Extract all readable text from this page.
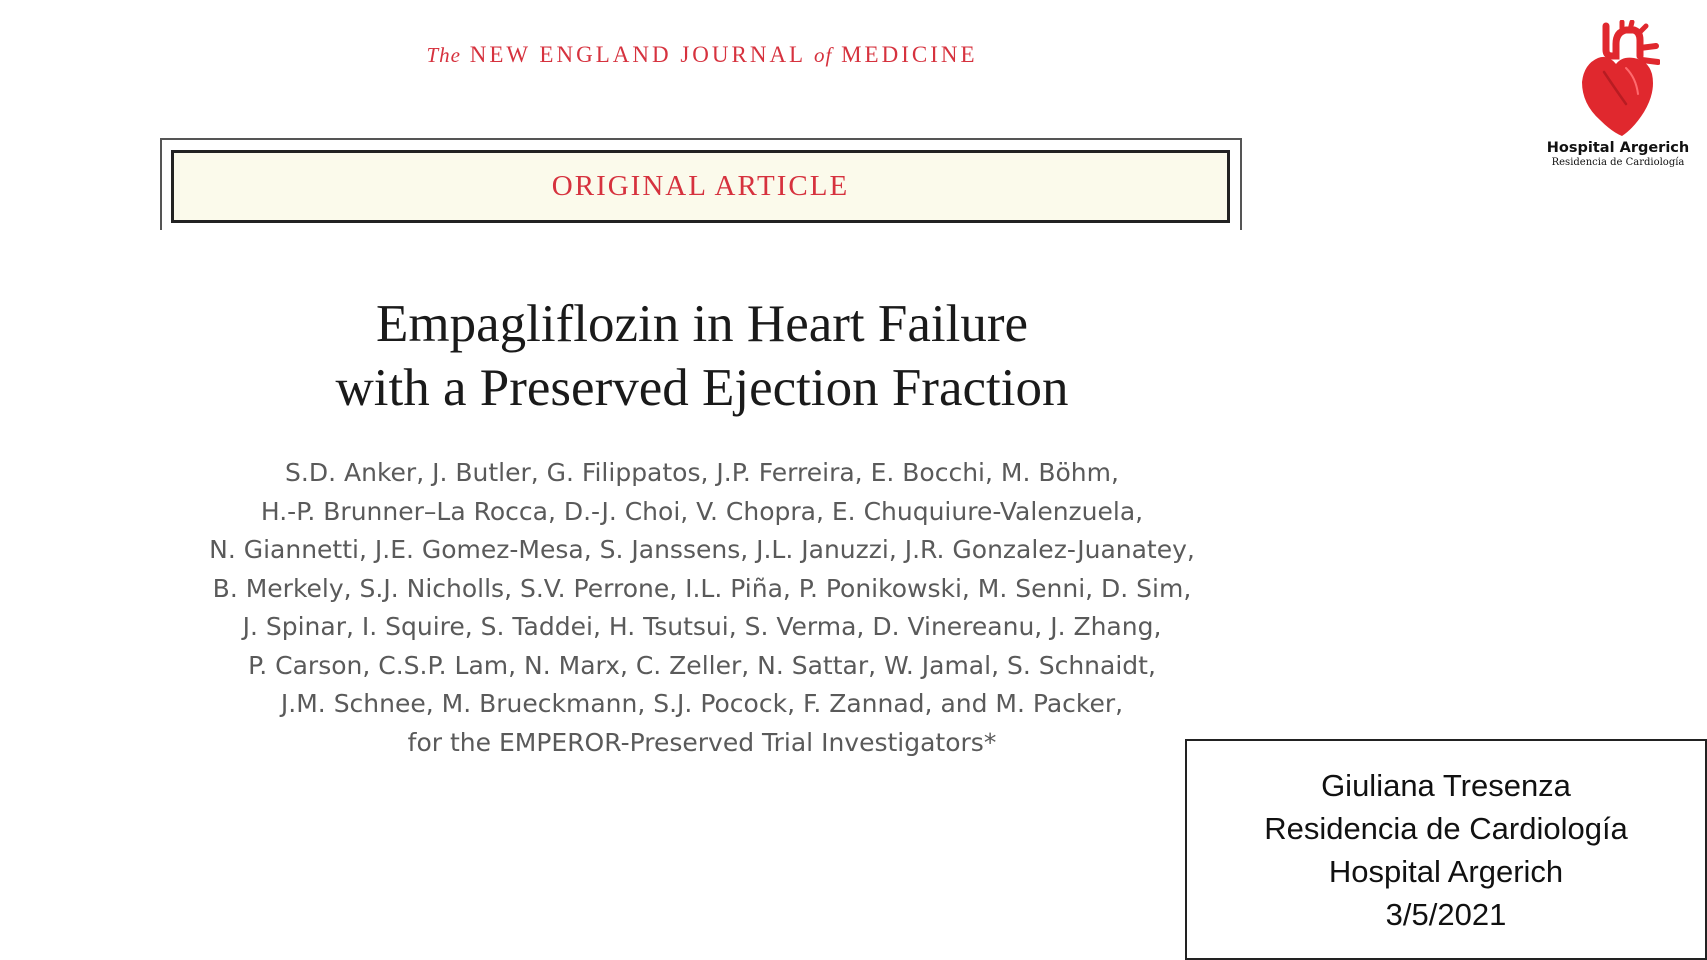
The NEW ENGLAND JOURNAL of MEDICINE
ORIGINAL ARTICLE
Empagliflozin in Heart Failure
with a Preserved Ejection Fraction
S.D. Anker, J. Butler, G. Filippatos, J.P. Ferreira, E. Bocchi, M. Böhm,
H.-P. Brunner–La Rocca, D.-J. Choi, V. Chopra, E. Chuquiure-Valenzuela,
N. Giannetti, J.E. Gomez-Mesa, S. Janssens, J.L. Januzzi, J.R. Gonzalez-Juanatey,
B. Merkely, S.J. Nicholls, S.V. Perrone, I.L. Piña, P. Ponikowski, M. Senni, D. Sim,
J. Spinar, I. Squire, S. Taddei, H. Tsutsui, S. Verma, D. Vinereanu, J. Zhang,
P. Carson, C.S.P. Lam, N. Marx, C. Zeller, N. Sattar, W. Jamal, S. Schnaidt,
J.M. Schnee, M. Brueckmann, S.J. Pocock, F. Zannad, and M. Packer,
for the EMPEROR-Preserved Trial Investigators*
Hospital Argerich
Residencia de Cardiología
Giuliana Tresenza
Residencia de Cardiología
Hospital Argerich
3/5/2021
